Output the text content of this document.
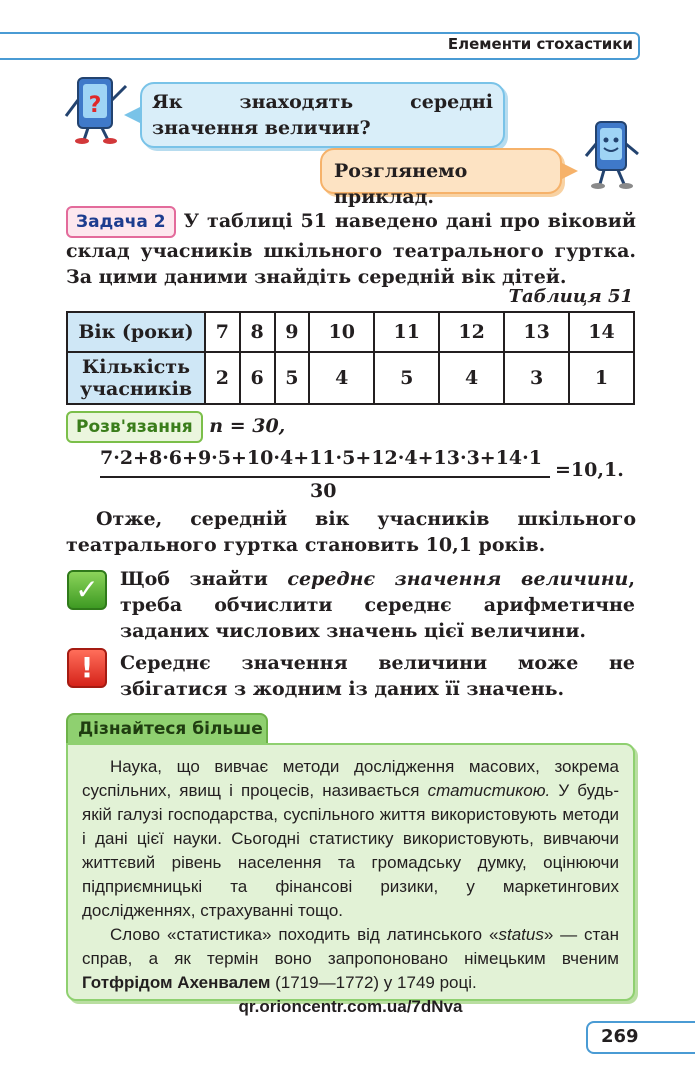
Елементи стохастики
?	Як знаходять середні значення величин?
Розглянемо приклад.
Задача 2 У таблиці 51 наведено дані про віковий склад учасників шкільного театрального гуртка. За цими даними знайдіть середній вік дітей.
Таблиця 51
Вік (роки)	7	8	9	10	11	12	13	14
Кількість учасників	2	6	5	4	5	4	3	1
Розв'язання n = 30,
7·2+8·6+9·5+10·4+11·5+12·4+13·3+14·1
30
=10,1.
Отже, середній вік учасників шкільного театрального гуртка становить 10,1 років.
✓	Щоб знайти середнє значення величини, треба обчислити середнє арифметичне заданих числових значень цієї величини.
!	Середнє значення величини може не збігатися з жодним із даних її значень.
Дізнайтеся більше

Наука, що вивчає методи дослідження масових, зокрема суспільних, явищ і процесів, називається статистикою. У будь-якій галузі господарства, суспільного життя використовують методи і дані цієї науки. Сьогодні статистику використовують, вивчаючи життєвий рівень населення та громадську думку, оцінюючи підприємницькі та фінансові ризики, у маркетингових дослідженнях, страхуванні тощо.

Слово «статистика» походить від латинського «status» — стан справ, а як термін воно запропоновано німецьким вченим Готфрідом Ахенвалем (1719—1772) у 1749 році.

qr.orioncentr.com.ua/7dNva

269
